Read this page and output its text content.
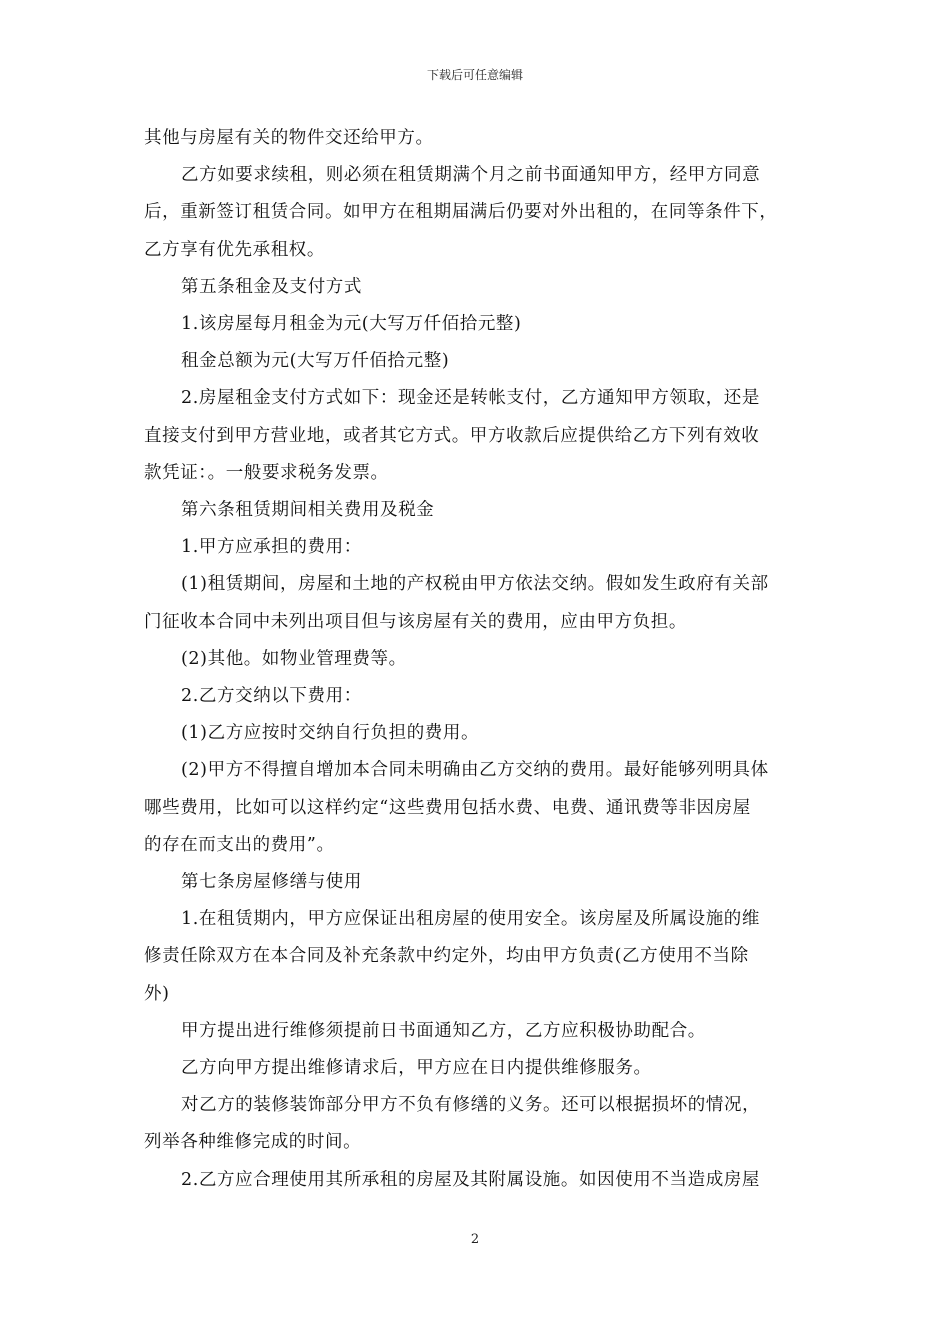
下载后可任意编辑

其他与房屋有关的物件交还给甲方。

乙方如要求续租，则必须在租赁期满个月之前书面通知甲方，经甲方同意

后，重新签订租赁合同。如甲方在租期届满后仍要对外出租的，在同等条件下，

乙方享有优先承租权。

第五条租金及支付方式

1.该房屋每月租金为元(大写万仟佰拾元整)

租金总额为元(大写万仟佰拾元整)

2.房屋租金支付方式如下：现金还是转帐支付，乙方通知甲方领取，还是

直接支付到甲方营业地，或者其它方式。甲方收款后应提供给乙方下列有效收

款凭证：。一般要求税务发票。

第六条租赁期间相关费用及税金

1.甲方应承担的费用：

(1)租赁期间，房屋和土地的产权税由甲方依法交纳。假如发生政府有关部

门征收本合同中未列出项目但与该房屋有关的费用，应由甲方负担。

(2)其他。如物业管理费等。

2.乙方交纳以下费用：

(1)乙方应按时交纳自行负担的费用。

(2)甲方不得擅自增加本合同未明确由乙方交纳的费用。最好能够列明具体

哪些费用，比如可以这样约定“这些费用包括水费、电费、通讯费等非因房屋

的存在而支出的费用”。

第七条房屋修缮与使用

1.在租赁期内，甲方应保证出租房屋的使用安全。该房屋及所属设施的维

修责任除双方在本合同及补充条款中约定外，均由甲方负责(乙方使用不当除

外)

甲方提出进行维修须提前日书面通知乙方，乙方应积极协助配合。

乙方向甲方提出维修请求后，甲方应在日内提供维修服务。

对乙方的装修装饰部分甲方不负有修缮的义务。还可以根据损坏的情况，

列举各种维修完成的时间。

2.乙方应合理使用其所承租的房屋及其附属设施。如因使用不当造成房屋

2
